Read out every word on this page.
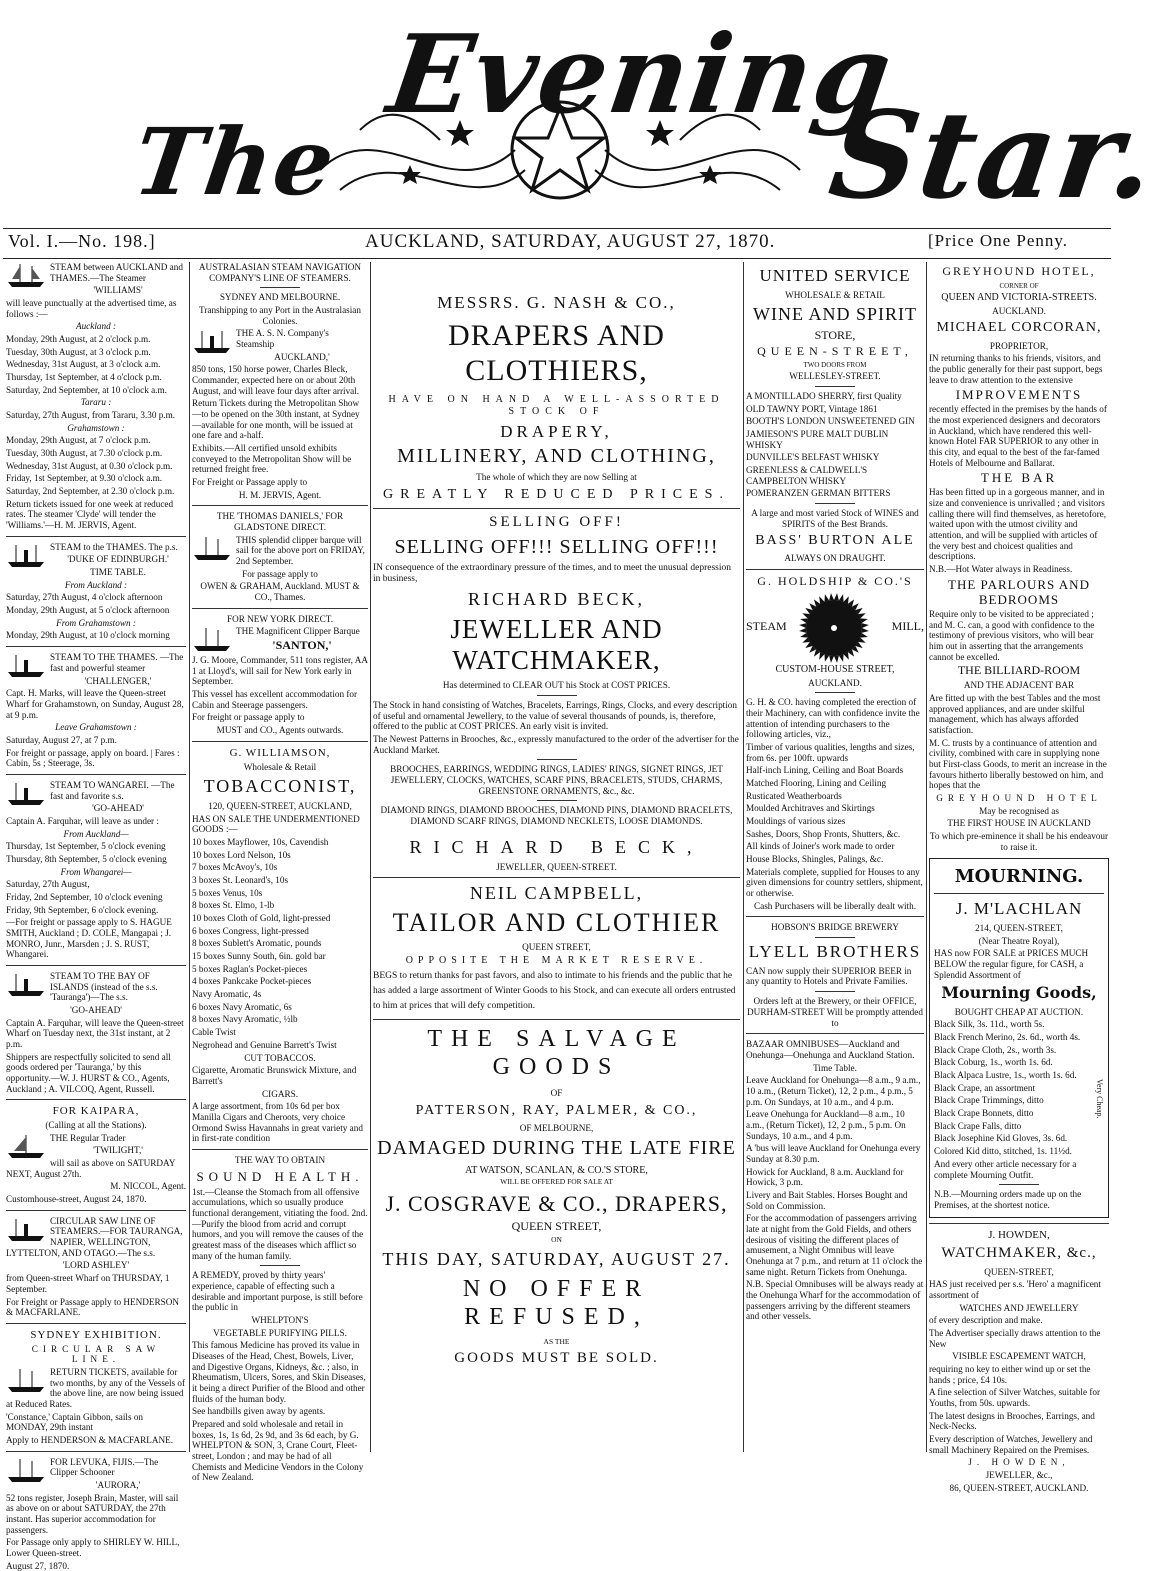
The
Evening
Star.
Vol. I.—No. 198.]	AUCKLAND, SATURDAY, AUGUST 27, 1870.	[Price One Penny.

STEAM between AUCKLAND and THAMES.—The Steamer

'WILLIAMS'

will leave punctually at the advertised time, as follows :—

Auckland :

Monday, 29th August, at 2 o'clock p.m.

Tuesday, 30th August, at 3 o'clock p.m.

Wednesday, 31st August, at 3 o'clock a.m.

Thursday, 1st September, at 4 o'clock p.m.

Saturday, 2nd September, at 10 o'clock a.m.

Tararu :

Saturday, 27th August, from Tararu, 3.30 p.m.

Grahamstown :

Monday, 29th August, at 7 o'clock p.m.

Tuesday, 30th August, at 7.30 o'clock p.m.

Wednesday, 31st August, at 0.30 o'clock p.m.

Friday, 1st September, at 9.30 o'clock a.m.

Saturday, 2nd September, at 2.30 o'clock p.m.

Return tickets issued for one week at reduced rates. The steamer 'Clyde' will tender the 'Williams.'—H. M. JERVIS, Agent.

STEAM to the THAMES. The p.s.

'DUKE OF EDINBURGH.'

TIME TABLE.

From Auckland :

Saturday, 27th August, 4 o'clock afternoon

Monday, 29th August, at 5 o'clock afternoon

From Grahamstown :

Monday, 29th August, at 10 o'clock morning

STEAM TO THE THAMES. —The fast and powerful steamer

'CHALLENGER,'

Capt. H. Marks, will leave the Queen-street Wharf for Grahamstown, on Sunday, August 28, at 9 p.m.

Leave Grahamstown :

Saturday, August 27, at 7 p.m.

For freight or passage, apply on board. | Fares : Cabin, 5s ; Steerage, 3s.

STEAM TO WANGAREI. —The fast and favorite s.s.

'GO-AHEAD'

Captain A. Farquhar, will leave as under :

From Auckland—

Thursday, 1st September, 5 o'clock evening

Thursday, 8th September, 5 o'clock evening

From Whangarei—

Saturday, 27th August,

Friday, 2nd September, 10 o'clock evening

Friday, 9th September, 6 o'clock evening.

—For freight or passage apply to S. HAGUE SMITH, Auckland ; D. COLE, Mangapai ; J. MONRO, Junr., Marsden ; J. S. RUST, Whangarei.

STEAM TO THE BAY OF ISLANDS (instead of the s.s. 'Tauranga')—The s.s.

'GO-AHEAD'

Captain A. Farquhar, will leave the Queen-street Wharf on Tuesday next, the 31st instant, at 2 p.m.

Shippers are respectfully solicited to send all goods ordered per 'Tauranga,' by this opportunity.—W. J. HURST & CO., Agents, Auckland ; A. VILCOQ, Agent, Russell.

FOR KAIPARA,

(Calling at all the Stations).

THE Regular Trader

'TWILIGHT,'

will sail as above on SATURDAY NEXT, August 27th.

M. NICCOL, Agent.

Customhouse-street, August 24, 1870.

CIRCULAR SAW LINE OF STEAMERS.—FOR TAURANGA, NAPIER, WELLINGTON, LYTTELTON, AND OTAGO.—The s.s.

'LORD ASHLEY'

from Queen-street Wharf on THURSDAY, 1 September.

For Freight or Passage apply to HENDERSON & MACFARLANE.

SYDNEY EXHIBITION.

CIRCULAR SAW LINE.

RETURN TICKETS, available for two months, by any of the Vessels of the above line, are now being issued at Reduced Rates.

'Constance,' Captain Gibbon, sails on MONDAY, 29th instant

Apply to HENDERSON & MACFARLANE.

FOR LEVUKA, FIJIS.—The Clipper Schooner

'AURORA,'

52 tons register, Joseph Brain, Master, will sail as above on or about SATURDAY, the 27th instant. Has superior accommodation for passengers.

For Passage only apply to SHIRLEY W. HILL, Lower Queen-street.

August 27, 1870.

AUSTRALASIAN STEAM NAVIGATION COMPANY'S LINE OF STEAMERS.

SYDNEY AND MELBOURNE.

Transhipping to any Port in the Australasian Colonies.

THE A. S. N. Company's Steamship

AUCKLAND,'

850 tons, 150 horse power, Charles Bleck, Commander, expected here on or about 20th August, and will leave four days after arrival.

Return Tickets during the Metropolitan Show—to be opened on the 30th instant, at Sydney—available for one month, will be issued at one fare and a-half.

Exhibits.—All certified unsold exhibits conveyed to the Metropolitan Show will be returned freight free.

For Freight or Passage apply to

H. M. JERVIS, Agent.

THE 'THOMAS DANIELS,' FOR GLADSTONE DIRECT.

THIS splendid clipper barque will sail for the above port on FRIDAY, 2nd September.

For passage apply to

OWEN & GRAHAM, Auckland. MUST & CO., Thames.

FOR NEW YORK DIRECT.

THE Magnificent Clipper Barque

'SANTON,'

J. G. Moore, Commander, 511 tons register, AA 1 at Lloyd's, will sail for New York early in September.

This vessel has excellent accommodation for Cabin and Steerage passengers.

For freight or passage apply to

MUST and CO., Agents outwards.

G. WILLIAMSON,

Wholesale & Retail

TOBACCONIST,

120, QUEEN-STREET, AUCKLAND,

HAS ON SALE THE UNDERMENTIONED GOODS :—

10 boxes Mayflower, 10s, Cavendish

10 boxes Lord Nelson, 10s

7 boxes McAvoy's, 10s

3 boxes St. Leonard's, 10s

5 boxes Venus, 10s

8 boxes St. Elmo, 1-lb

10 boxes Cloth of Gold, light-pressed

6 boxes Congress, light-pressed

8 boxes Sublett's Aromatic, pounds

15 boxes Sunny South, 6in. gold bar

5 boxes Raglan's Pocket-pieces

4 boxes Pankcake Pocket-pieces

Navy Aromatic, 4s

6 boxes Navy Aromatic, 6s

8 boxes Navy Aromatic, ½lb

Cable Twist

Negrohead and Genuine Barrett's Twist

CUT TOBACCOS.

Cigarette, Aromatic Brunswick Mixture, and Barrett's

CIGARS.

A large assortment, from 10s 6d per box Manilla Cigars and Cheroots, very choice Ormond Swiss Havannahs in great variety and in first-rate condition

THE WAY TO OBTAIN

SOUND HEALTH.

1st.—Cleanse the Stomach from all offensive accumulations, which so usually produce functional derangement, vitiating the food. 2nd.—Purify the blood from acrid and corrupt humors, and you will remove the causes of the greatest mass of the diseases which afflict so many of the human family.

A REMEDY, proved by thirty years' experience, capable of effecting such a desirable and important purpose, is still before the public in

WHELPTON'S

VEGETABLE PURIFYING PILLS.

This famous Medicine has proved its value in Diseases of the Head, Chest, Bowels, Liver, and Digestive Organs, Kidneys, &c. ; also, in Rheumatism, Ulcers, Sores, and Skin Diseases, it being a direct Purifier of the Blood and other fluids of the human body.

See handbills given away by agents.

Prepared and sold wholesale and retail in boxes, 1s, 1s 6d, 2s 9d, and 3s 6d each, by G. WHELPTON & SON, 3, Crane Court, Fleet-street, London ; and may be had of all Chemists and Medicine Vendors in the Colony of New Zealand.

MESSRS. G. NASH & CO.,

DRAPERS AND CLOTHIERS,

HAVE ON HAND A WELL-ASSORTED STOCK OF

DRAPERY,

MILLINERY, AND CLOTHING,

The whole of which they are now Selling at

GREATLY REDUCED PRICES.

SELLING OFF!

SELLING OFF!!! SELLING OFF!!!

IN consequence of the extraordinary pressure of the times, and to meet the unusual depression in business,

RICHARD BECK,

JEWELLER AND WATCHMAKER,

Has determined to CLEAR OUT his Stock at COST PRICES.

The Stock in hand consisting of Watches, Bracelets, Earrings, Rings, Clocks, and every description of useful and ornamental Jewellery, to the value of several thousands of pounds, is, therefore, offered to the public at COST PRICES. An early visit is invited.

The Newest Patterns in Brooches, &c., expressly manufactured to the order of the advertiser for the Auckland Market.

BROOCHES, EARRINGS, WEDDING RINGS, LADIES' RINGS, SIGNET RINGS, JET JEWELLERY, CLOCKS, WATCHES, SCARF PINS, BRACELETS, STUDS, CHARMS, GREENSTONE ORNAMENTS, &c., &c.

DIAMOND RINGS, DIAMOND BROOCHES, DIAMOND PINS, DIAMOND BRACELETS, DIAMOND SCARF RINGS, DIAMOND NECKLETS, LOOSE DIAMONDS.

RICHARD BECK,

JEWELLER, QUEEN-STREET.

NEIL CAMPBELL,

TAILOR AND CLOTHIER

QUEEN STREET,

OPPOSITE THE MARKET RESERVE.

BEGS to return thanks for past favors, and also to intimate to his friends and the public that he has added a large assortment of Winter Goods to his Stock, and can execute all orders entrusted to him at prices that will defy competition.

THE SALVAGE GOODS

OF

PATTERSON, RAY, PALMER, & CO.,

OF MELBOURNE,

DAMAGED DURING THE LATE FIRE

AT WATSON, SCANLAN, & CO.'S STORE,

WILL BE OFFERED FOR SALE AT

J. COSGRAVE & CO., DRAPERS,

QUEEN STREET,

ON

THIS DAY, SATURDAY, AUGUST 27.

NO OFFER REFUSED,

AS THE

GOODS MUST BE SOLD.

UNITED SERVICE

WHOLESALE & RETAIL

WINE AND SPIRIT

STORE,

QUEEN-STREET,

TWO DOORS FROM

WELLESLEY-STREET.

A MONTILLADO SHERRY, first Quality

OLD TAWNY PORT, Vintage 1861

BOOTH'S LONDON UNSWEETENED GIN

JAMIESON'S PURE MALT DUBLIN WHISKY

DUNVILLE'S BELFAST WHISKY

GREENLESS & CALDWELL'S CAMPBELTON WHISKY

POMERANZEN GERMAN BITTERS

A large and most varied Stock of WINES and SPIRITS of the Best Brands.

BASS' BURTON ALE

ALWAYS ON DRAUGHT.

G. HOLDSHIP & CO.'S

STEAM	MILL,

CUSTOM-HOUSE STREET,

AUCKLAND.

G. H. & CO. having completed the erection of their Machinery, can with confidence invite the attention of intending purchasers to the following articles, viz.,

Timber of various qualities, lengths and sizes, from 6s. per 100ft. upwards

Half-inch Lining, Ceiling and Boat Boards

Matched Flooring, Lining and Ceiling

Rusticated Weatherboards

Moulded Architraves and Skirtings

Mouldings of various sizes

Sashes, Doors, Shop Fronts, Shutters, &c.

All kinds of Joiner's work made to order

House Blocks, Shingles, Palings, &c.

Materials complete, supplied for Houses to any given dimensions for country settlers, shipment, or otherwise.

Cash Purchasers will be liberally dealt with.

HOBSON'S BRIDGE BREWERY

LYELL BROTHERS

CAN now supply their SUPERIOR BEER in any quantity to Hotels and Private Families.

Orders left at the Brewery, or their OFFICE, DURHAM-STREET Will be promptly attended to

BAZAAR OMNIBUSES—Auckland and Onehunga—Onehunga and Auckland Station.

Time Table.

Leave Auckland for Onehunga—8 a.m., 9 a.m., 10 a.m., (Return Ticket), 12, 2 p.m., 4 p.m., 5 p.m. On Sundays, at 10 a.m., and 4 p.m.

Leave Onehunga for Auckland—8 a.m., 10 a.m., (Return Ticket), 12, 2 p.m., 5 p.m. On Sundays, 10 a.m., and 4 p.m.

A 'bus will leave Auckland for Onehunga every Sunday at 8.30 p.m.

Howick for Auckland, 8 a.m. Auckland for Howick, 3 p.m.

Livery and Bait Stables. Horses Bought and Sold on Commission.

For the accommodation of passengers arriving late at night from the Gold Fields, and others desirous of visiting the different places of amusement, a Night Omnibus will leave Onehunga at 7 p.m., and return at 11 o'clock the same night. Return Tickets from Onehunga.

N.B. Special Omnibuses will be always ready at the Onehunga Wharf for the accommodation of passengers arriving by the different steamers and other vessels.

GREYHOUND HOTEL,

CORNER OF

QUEEN AND VICTORIA-STREETS.

AUCKLAND.

MICHAEL CORCORAN,

PROPRIETOR,

IN returning thanks to his friends, visitors, and the public generally for their past support, begs leave to draw attention to the extensive

IMPROVEMENTS

recently effected in the premises by the hands of the most experienced designers and decorators in Auckland, which have rendered this well-known Hotel FAR SUPERIOR to any other in this city, and equal to the best of the far-famed Hotels of Melbourne and Ballarat.

THE BAR

Has been fitted up in a gorgeous manner, and in size and convenience is unrivalled ; and visitors calling there will find themselves, as heretofore, waited upon with the utmost civility and attention, and will be supplied with articles of the very best and choicest qualities and descriptions.

N.B.—Hot Water always in Readiness.

THE PARLOURS AND BEDROOMS

Require only to be visited to be appreciated ; and M. C. can, a good with confidence to the testimony of previous visitors, who will bear him out in asserting that the arrangements cannot be excelled.

THE BILLIARD-ROOM

AND THE ADJACENT BAR

Are fitted up with the best Tables and the most approved appliances, and are under skilful management, which has always afforded satisfaction.

M. C. trusts by a continuance of attention and civility, combined with care in supplying none but First-class Goods, to merit an increase in the favours hitherto liberally bestowed on him, and hopes that the

GREYHOUND HOTEL

May be recognised as

THE FIRST HOUSE IN AUCKLAND

To which pre-eminence it shall be his endeavour to raise it.

MOURNING.

J. M'LACHLAN

214, QUEEN-STREET,

(Near Theatre Royal),

HAS now FOR SALE at PRICES MUCH BELOW the regular figure, for CASH, a Splendid Assortment of

Mourning Goods,

BOUGHT CHEAP AT AUCTION.

Black Silk, 3s. 11d., worth 5s.

Black French Merino, 2s. 6d., worth 4s.

Black Crape Cloth, 2s., worth 3s.

Black Coburg, 1s., worth 1s. 6d.

Black Alpaca Lustre, 1s., worth 1s. 6d.

Black Crape, an assortment

Black Crape Trimmings, ditto

Black Crape Bonnets, ditto

Black Crape Falls, ditto

Black Josephine Kid Gloves, 3s. 6d.

Colored Kid ditto, stitched, 1s. 11½d.

Very Cheap.

And every other article necessary for a complete Mourning Outfit.

N.B.—Mourning orders made up on the Premises, at the shortest notice.

J. HOWDEN,

WATCHMAKER, &c.,

QUEEN-STREET,

HAS just received per s.s. 'Hero' a magnificent assortment of

WATCHES AND JEWELLERY

of every description and make.

The Advertiser specially draws attention to the New

VISIBLE ESCAPEMENT WATCH,

requiring no key to either wind up or set the hands ; price, £4 10s.

A fine selection of Silver Watches, suitable for Youths, from 50s. upwards.

The latest designs in Brooches, Earrings, and Neck-Necks.

Every description of Watches, Jewellery and small Machinery Repaired on the Premises.

J. HOWDEN,

JEWELLER, &c.,

86, QUEEN-STREET, AUCKLAND.
